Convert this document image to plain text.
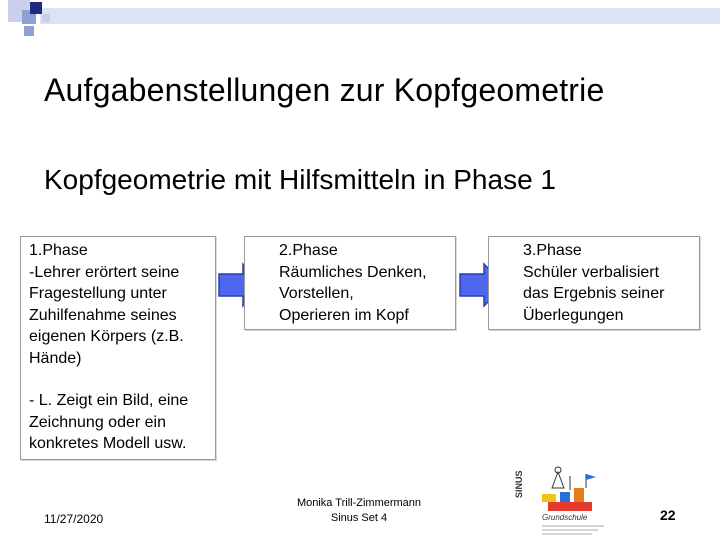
Aufgabenstellungen zur Kopfgeometrie
Kopfgeometrie mit Hilfsmitteln in Phase 1
1.Phase
-Lehrer erörtert seine
Fragestellung unter
Zuhilfenahme seines
eigenen Körpers (z.B.
Hände)
- L. Zeigt ein Bild, eine
Zeichnung oder ein
konkretes Modell usw.
2.Phase
Räumliches Denken,
Vorstellen,
Operieren im Kopf
3.Phase
Schüler verbalisiert
das Ergebnis seiner
Überlegungen
11/27/2020
Monika Trill-Zimmermann
Sinus Set 4
SINUS
Grundschule	22
